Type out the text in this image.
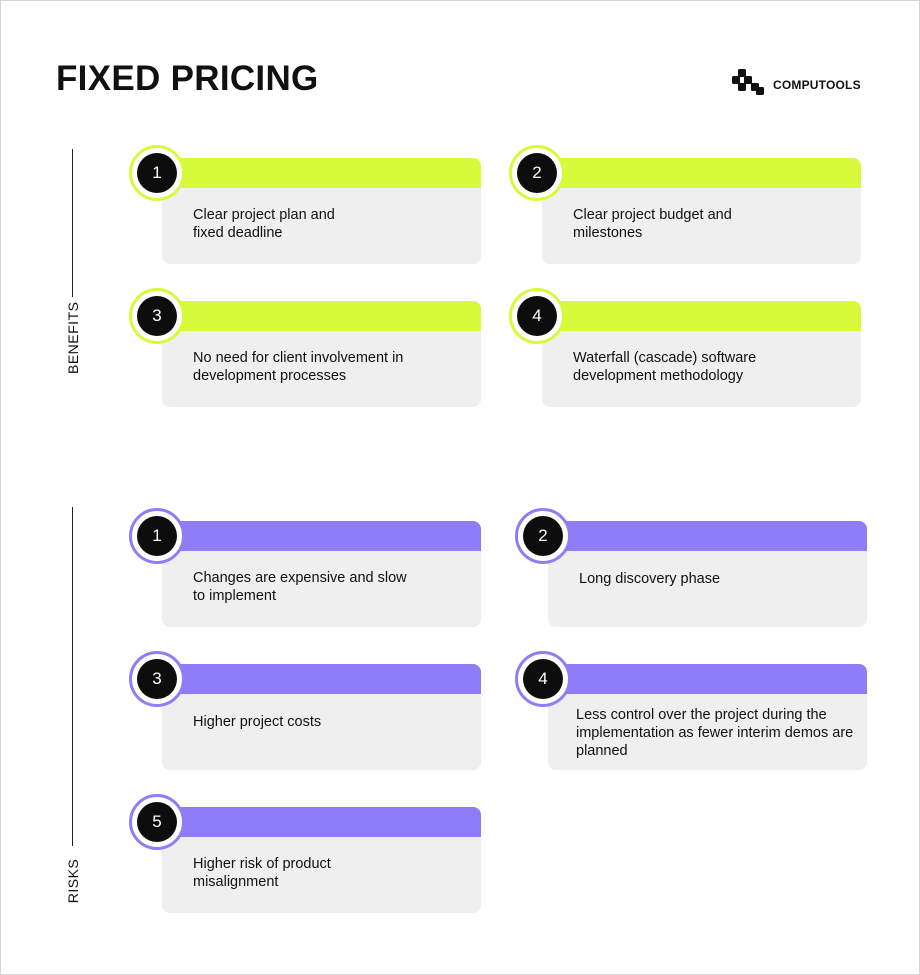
FIXED PRICING	COMPUTOOLS
BENEFITS
RISKS
1
Clear project plan and fixed deadline
2
Clear project budget and milestones
3
No need for client involvement in development processes
4
Waterfall (cascade) software development methodology
1
Changes are expensive and slow to implement
2
Long discovery phase
3
Higher project costs
4
Less control over the project during the implementation as fewer interim demos are planned
5
Higher risk of product misalignment
